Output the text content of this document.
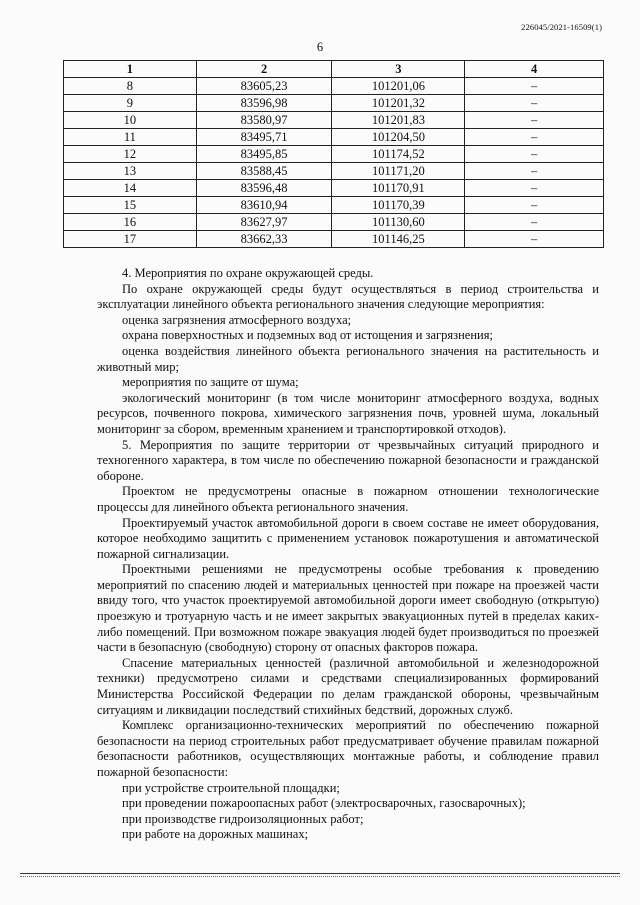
226045/2021-16509(1)
6
1	2	3	4
8	83605,23	101201,06	–
9	83596,98	101201,32	–
10	83580,97	101201,83	–
11	83495,71	101204,50	–
12	83495,85	101174,52	–
13	83588,45	101171,20	–
14	83596,48	101170,91	–
15	83610,94	101170,39	–
16	83627,97	101130,60	–
17	83662,33	101146,25	–

4. Мероприятия по охране окружающей среды.

По охране окружающей среды будут осуществляться в период строительства и эксплуатации линейного объекта регионального значения следующие мероприятия:

оценка загрязнения атмосферного воздуха;

охрана поверхностных и подземных вод от истощения и загрязнения;

оценка воздействия линейного объекта регионального значения на растительность и животный мир;

мероприятия по защите от шума;

экологический мониторинг (в том числе мониторинг атмосферного воздуха, водных ресурсов, почвенного покрова, химического загрязнения почв, уровней шума, локальный мониторинг за сбором, временным хранением и транспортировкой отходов).

5. Мероприятия по защите территории от чрезвычайных ситуаций природного и техногенного характера, в том числе по обеспечению пожарной безопасности и гражданской обороне.

Проектом не предусмотрены опасные в пожарном отношении технологические процессы для линейного объекта регионального значения.

Проектируемый участок автомобильной дороги в своем составе не имеет оборудования, которое необходимо защитить с применением установок пожаротушения и автоматической пожарной сигнализации.

Проектными решениями не предусмотрены особые требования к проведению мероприятий по спасению людей и материальных ценностей при пожаре на проезжей части ввиду того, что участок проектируемой автомобильной дороги имеет свободную (открытую) проезжую и тротуарную часть и не имеет закрытых эвакуационных путей в пределах каких-либо помещений. При возможном пожаре эвакуация людей будет производиться по проезжей части в безопасную (свободную) сторону от опасных факторов пожара.

Спасение материальных ценностей (различной автомобильной и железнодорожной техники) предусмотрено силами и средствами специализированных формирований Министерства Российской Федерации по делам гражданской обороны, чрезвычайным ситуациям и ликвидации последствий стихийных бедствий, дорожных служб.

Комплекс организационно-технических мероприятий по обеспечению пожарной безопасности на период строительных работ предусматривает обучение правилам пожарной безопасности работников, осуществляющих монтажные работы, и соблюдение правил пожарной безопасности:

при устройстве строительной площадки;

при проведении пожароопасных работ (электросварочных, газосварочных);

при производстве гидроизоляционных работ;

при работе на дорожных машинах;
